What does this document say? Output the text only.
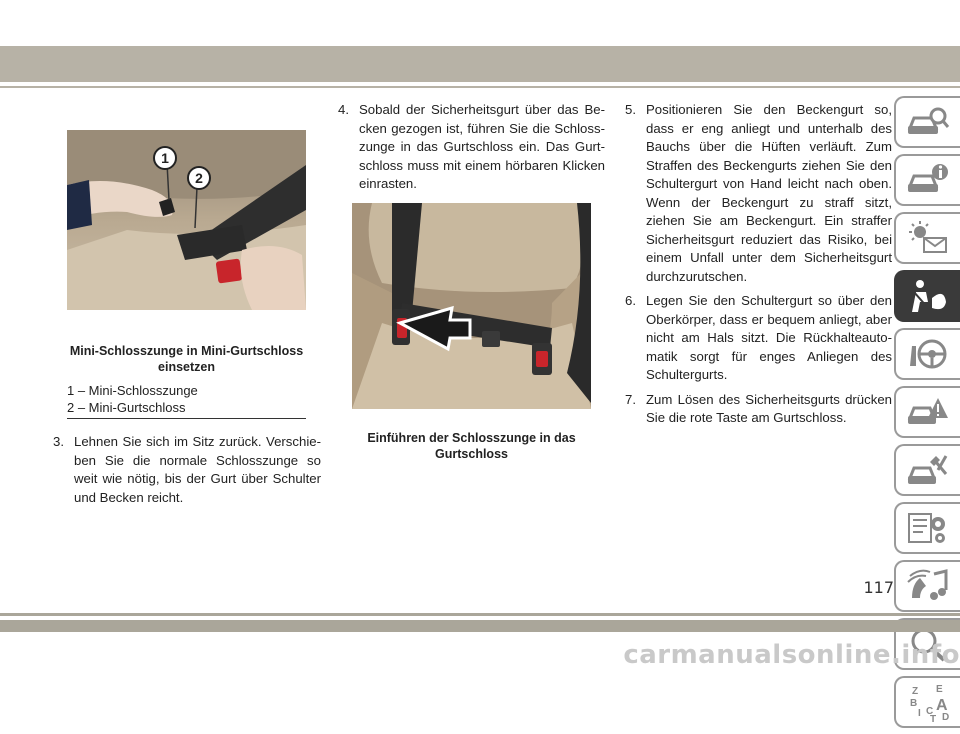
1
2
Mini-Schlosszunge in Mini-Gurtschloss einsetzen
1 – Mini-Schlosszunge
2 – Mini-Gurtschloss
3. Lehnen Sie sich im Sitz zurück. Verschieben Sie die normale Schlosszunge so weit wie nötig, bis der Gurt über Schulter und Becken reicht.
4. Sobald der Sicherheitsgurt über das Becken gezogen ist, führen Sie die Schlosszunge in das Gurtschloss ein. Das Gurtschloss muss mit einem hörbaren Klicken einrasten.
Einführen der Schlosszunge in das Gurtschloss
5. Positionieren Sie den Beckengurt so, dass er eng anliegt und unterhalb des Bauchs über die Hüften verläuft. Zum Straffen des Beckengurts ziehen Sie den Schultergurt von Hand leicht nach oben. Wenn der Beckengurt zu straff sitzt, ziehen Sie am Beckengurt. Ein straffer Sicherheitsgurt reduziert das Risiko, bei einem Unfall unter dem Sicherheitsgurt durchzurutschen.
6. Legen Sie den Schultergurt so über den Oberkörper, dass er bequem anliegt, aber nicht am Hals sitzt. Die Rückhalteautomatik sorgt für enges Anliegen des Schultergurts.
7. Zum Lösen des Sicherheitsgurts drücken Sie die rote Taste am Gurtschloss.
Z E
B A
I C
D
T
117
carmanualsonline.info
